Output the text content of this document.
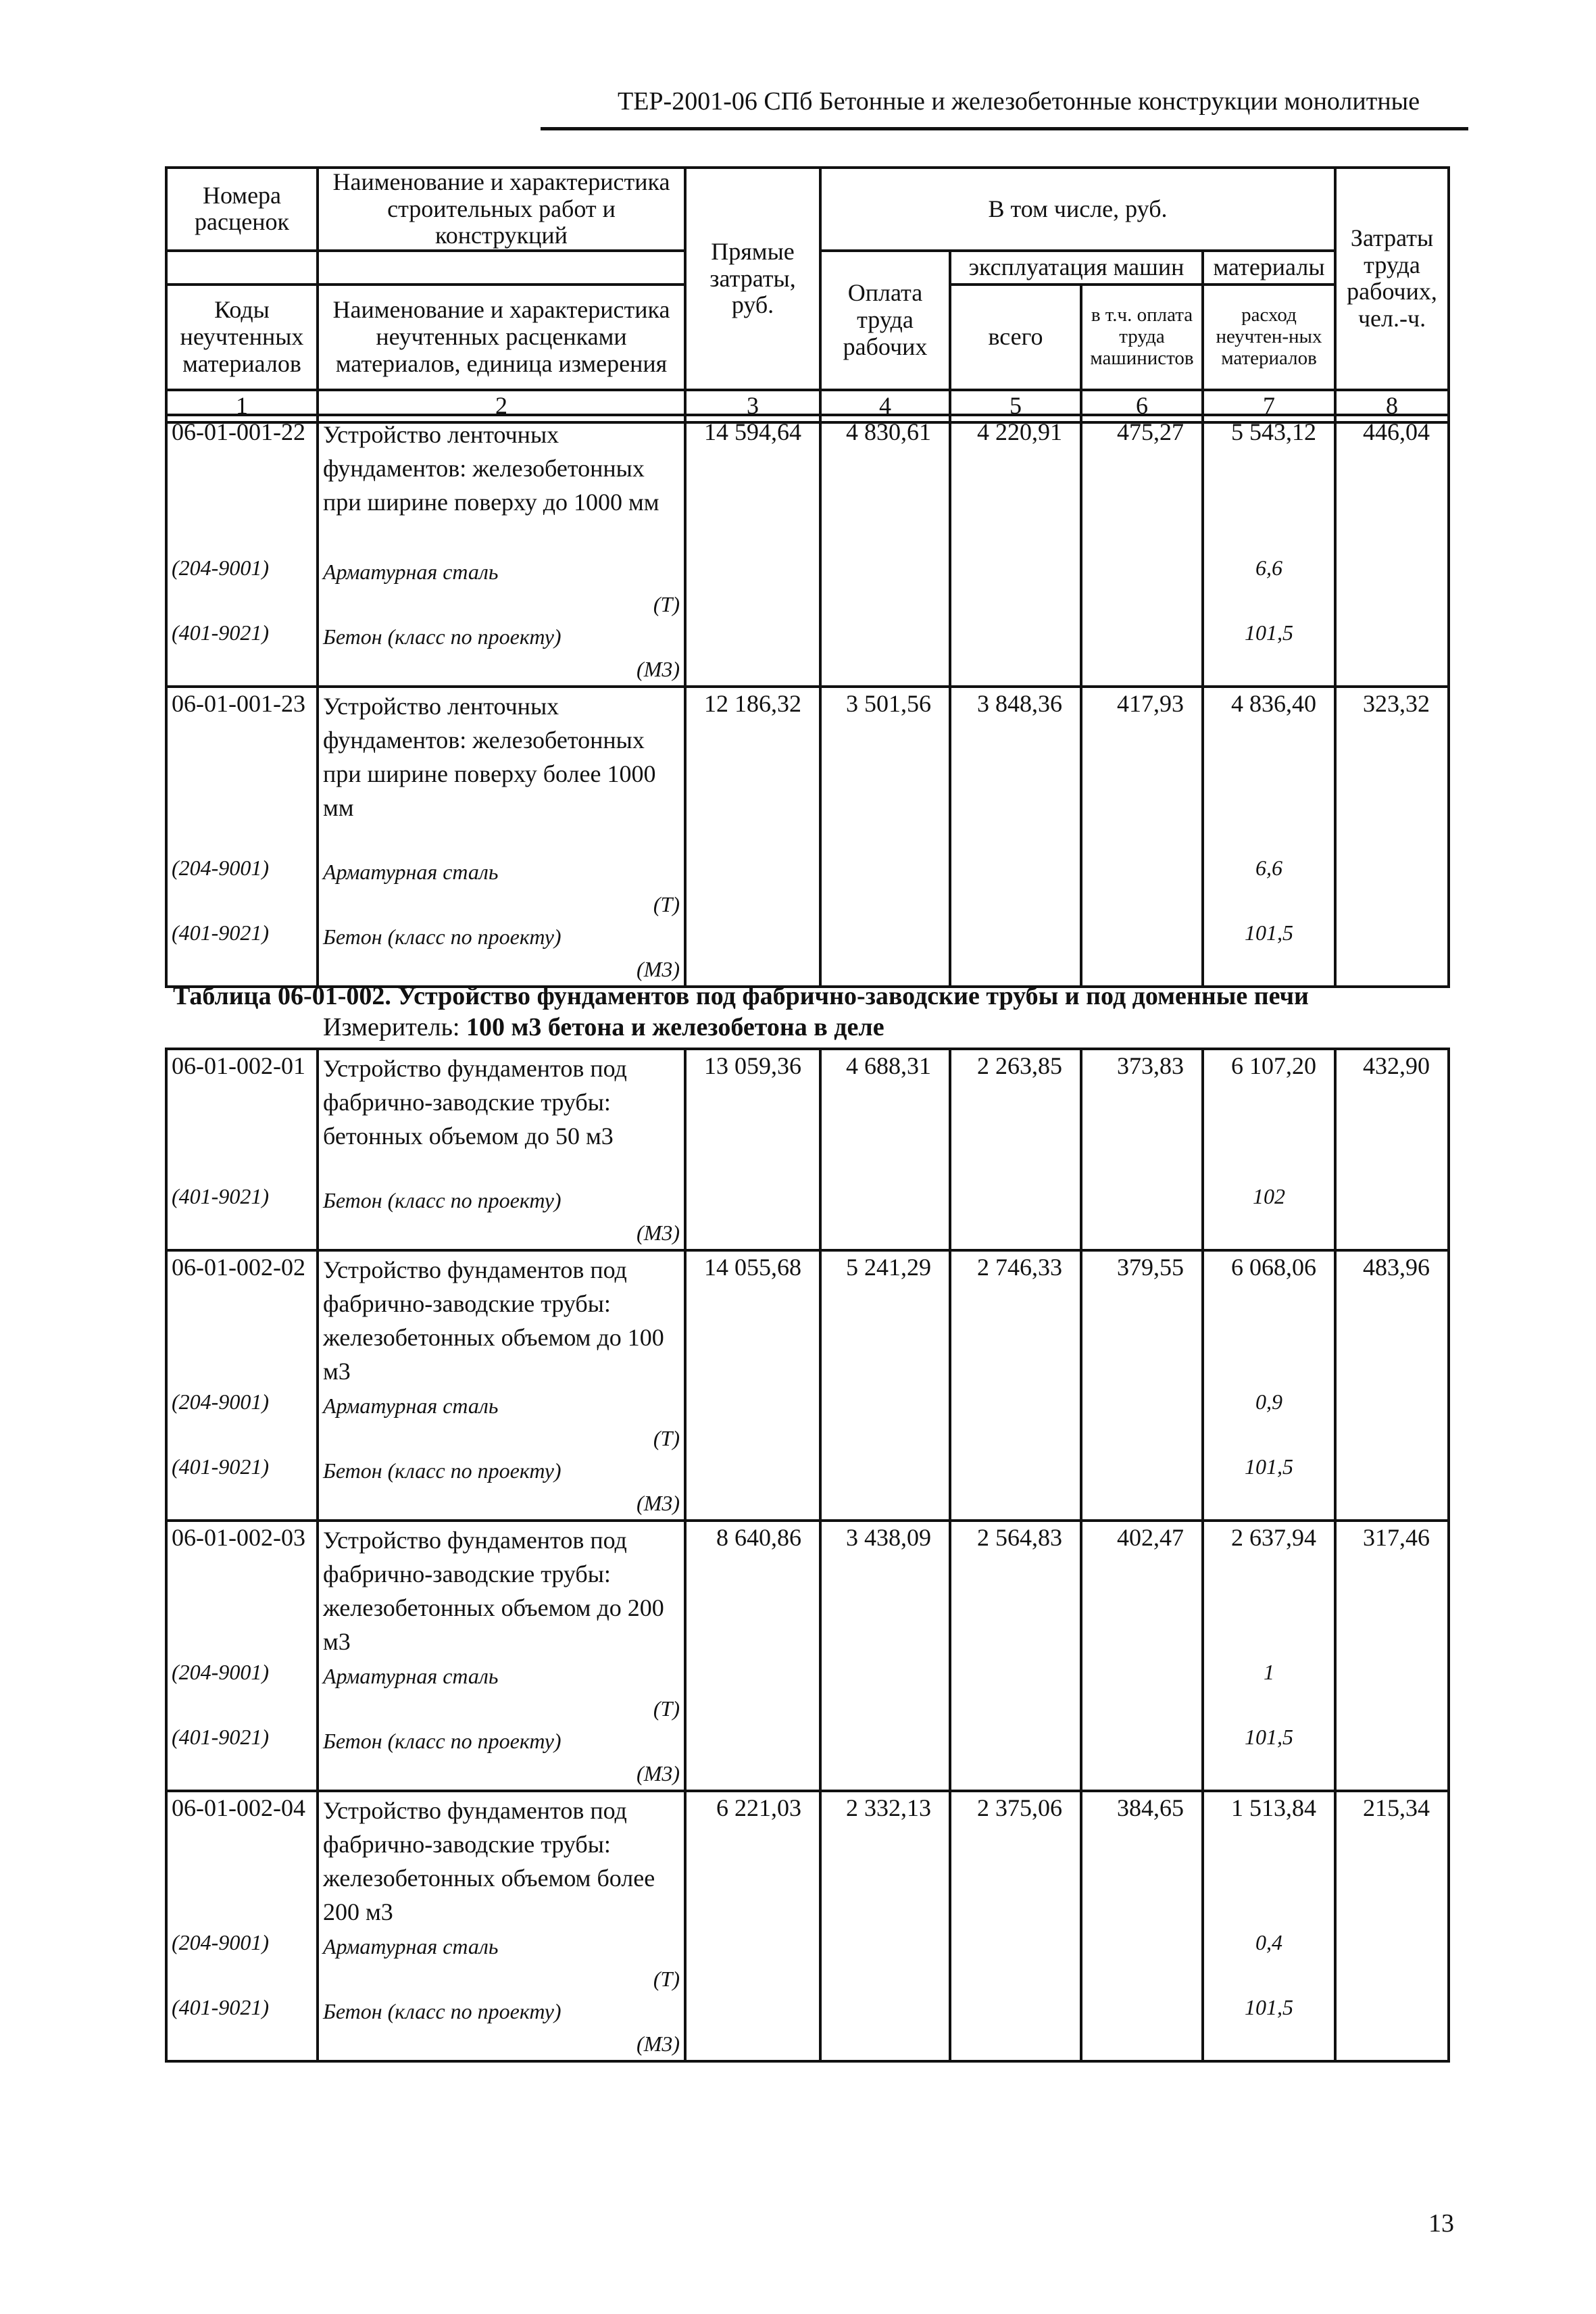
ТЕР-2001-06 СПб Бетонные и железобетонные конструкции монолитные
Номера расценок	Наименование и характеристика строительных работ и конструкций	Прямые затраты, руб.	В том числе, руб.				Затраты труда рабочих, чел.-ч.
			Оплата труда рабочих	эксплуатация машин		материалы	
Коды неучтенных материалов	Наименование и характеристика неучтенных расценками материалов, единица измерения			всего	в т.ч. оплата труда машинистов	расход неучтен-ных материалов	

1	2	3	4	5	6	7	8
06-01-001-22	Устройство ленточных фундаментов: железобетонных при ширине поверху до 1000 мм	14 594,64	4 830,61	4 220,91	475,27	5 543,12	446,04
(204-9001)	Арматурная сталь
(Т)					6,6	
(401-9021)	Бетон (класс по проекту)
(М3)					101,5	
06-01-001-23	Устройство ленточных фундаментов: железобетонных при ширине поверху более 1000 мм	12 186,32	3 501,56	3 848,36	417,93	4 836,40	323,32
(204-9001)	Арматурная сталь
(Т)					6,6	
(401-9021)	Бетон (класс по проекту)
(М3)					101,5	
Таблица 06-01-002. Устройство фундаментов под фабрично-заводские трубы и под доменные печи
Измеритель: 100 м3 бетона и железобетона в деле
06-01-002-01	Устройство фундаментов под фабрично-заводские трубы: бетонных объемом до 50 м3	13 059,36	4 688,31	2 263,85	373,83	6 107,20	432,90
(401-9021)	Бетон (класс по проекту)
(М3)					102	
06-01-002-02	Устройство фундаментов под фабрично-заводские трубы: железобетонных объемом до 100 м3	14 055,68	5 241,29	2 746,33	379,55	6 068,06	483,96
(204-9001)	Арматурная сталь
(Т)					0,9	
(401-9021)	Бетон (класс по проекту)
(М3)					101,5	
06-01-002-03	Устройство фундаментов под фабрично-заводские трубы: железобетонных объемом до 200 м3	8 640,86	3 438,09	2 564,83	402,47	2 637,94	317,46
(204-9001)	Арматурная сталь
(Т)					1	
(401-9021)	Бетон (класс по проекту)
(М3)					101,5	
06-01-002-04	Устройство фундаментов под фабрично-заводские трубы: железобетонных объемом более 200 м3	6 221,03	2 332,13	2 375,06	384,65	1 513,84	215,34
(204-9001)	Арматурная сталь
(Т)					0,4	
(401-9021)	Бетон (класс по проекту)
(М3)					101,5	
13
